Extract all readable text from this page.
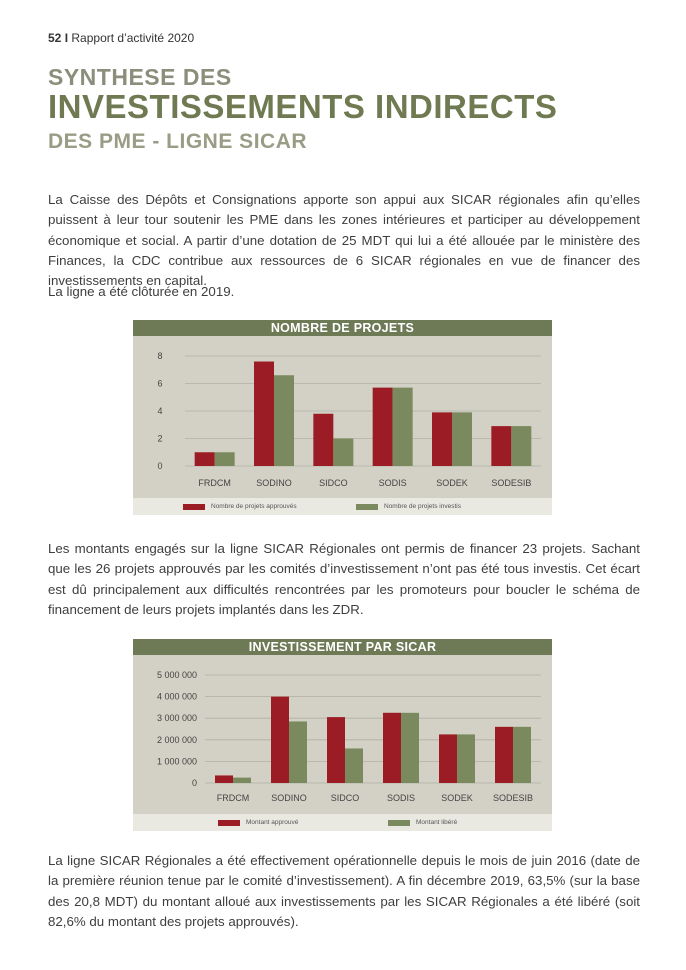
52 I Rapport d’activité 2020
SYNTHESE DES
INVESTISSEMENTS INDIRECTS
DES PME - LIGNE SICAR

La Caisse des Dépôts et Consignations apporte son appui aux SICAR régionales afin qu’elles puissent à leur tour soutenir les PME dans les zones intérieures et participer au développement économique et social. A partir d’une dotation de 25 MDT qui lui a été allouée par le ministère des Finances, la CDC contribue aux ressources de 6 SICAR régionales en vue de financer des investissements en capital.

La ligne a été clôturée en 2019.

NOMBRE DE PROJETS
0
2
4
6
8
FRDCM	SODINO	SIDCO	SODIS	SODEK	SODESIB
Nombre de projets approuvés	Nombre de projets investis

Les montants engagés sur la ligne SICAR Régionales ont permis de financer 23 projets. Sachant que les 26 projets approuvés par les comités d’investissement n’ont pas été tous investis. Cet écart est dû principalement aux difficultés rencontrées par les promoteurs pour boucler le schéma de financement de leurs projets implantés dans les ZDR.

INVESTISSEMENT PAR SICAR
0
1 000 000
2 000 000
3 000 000
4 000 000
5 000 000
FRDCM SODINO	SIDCO	SODIS	SODEK SODESIB
Montant approuvé	Montant libéré

La ligne SICAR Régionales a été effectivement opérationnelle depuis le mois de juin 2016 (date de la première réunion tenue par le comité d’investissement). A fin décembre 2019, 63,5% (sur la base des 20,8 MDT) du montant alloué aux investissements par les SICAR Régionales a été libéré (soit 82,6% du montant des projets approuvés).
